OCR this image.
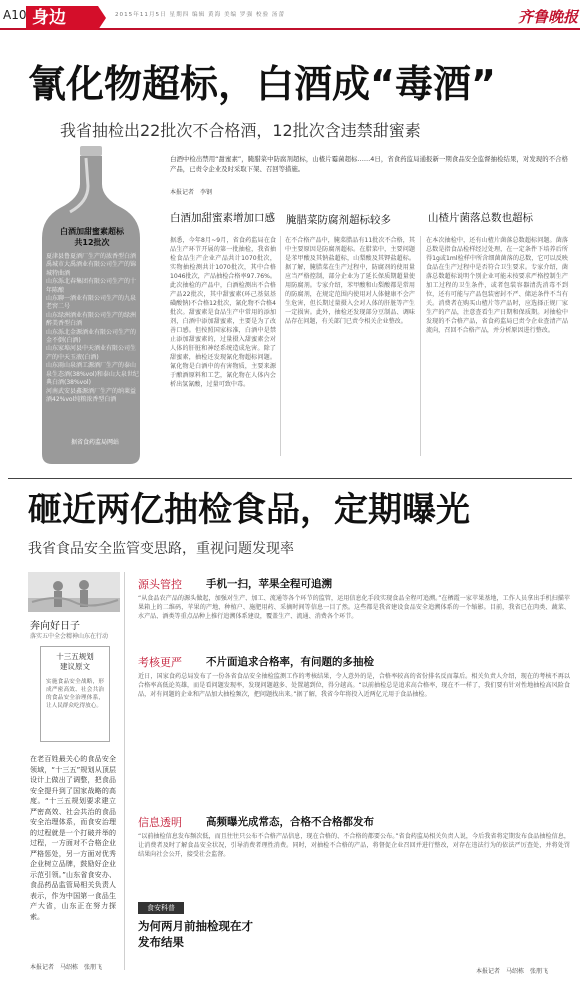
A10 身边	2015年11月5日 星期四 编辑 黄海 美编 罗强 校验 汤蕾	齐鲁晚报
氰化物超标，白酒成“毒酒”
我省抽检出22批次不合格酒，12批次含违禁甜蜜素
白酒加甜蜜素超标
共12批次
夏津县鲁夏酒厂生产的浓香型白酒
禹城市大禹酒业有限公司生产的锦城特曲酒
山东泺北春集团有限公司生产的十年陈酿
山东聊一酒业有限公司生产的九泉老窖二号
山东绿洲酒业有限公司生产的绿洲醉美香型白酒
山东泺北金源酒业有限公司生产的金不倒(白酒)
山东家埠河县中天酒业有限公司生产的中天玉液(白酒)
山东雨山泉酒工源酒厂生产的泰山泉生态酒(38%vol)和泰山大泉世纪典白酒(38%vol)
河南武安县鑫源酒厂生产的纳莱益酒42%vol纯粮浓香型白酒
据省食药监局网站
白酒中检出禁用“甜蜜素”，腌腊菜中防腐剂超标，山楂片霉菌超标……4日，省食药监局通报新一期食品安全监督抽检结果，对发现的不合格产品，已责令企业及时采取下架、召回等措施。
本报记者　李钢
白酒加甜蜜素增加口感 腌腊菜防腐剂超标较多	山楂片菌落总数也超标
据悉，今年8月~9月，省食药监局在食品生产环节开展的第一批抽检，我省抽检食品生产企业产品共计1070批次，实物抽检测共计1070批次，其中合格1046批次，产品抽检合格率97.76%。此次抽检的产品中，白酒检测出不合格产品22批次，其中甜蜜素(环己基氨基磺酸钠)不合格12批次，氰化物不合格4批次。甜蜜素是食品生产中常用的添加剂，白酒中添加甜蜜素，主要是为了改善口感。但按照国家标准，白酒中是禁止添加甜蜜素的，过量摄入甜蜜素会对人体的肝脏和神经系统造成危害。除了甜蜜素，抽检还发现氰化物超标问题。氰化物是白酒中的有害物质，主要来源于酿酒原料和工艺，氰化物在人体内会析出氢氰酸，过量可致中毒。
在不合格产品中，腌菜腊品有11批次不合格，其中主要原因是防腐剂超标。在腊菜中，主要问题是苯甲酸及其钠盐超标，山梨酸及其钾盐超标。据了解，腌腊菜在生产过程中，防腐剂的使用量应当严格控制，部分企业为了延长保质期超量使用防腐剂。专家介绍，苯甲酸和山梨酸都是常用的防腐剂，在规定范围内使用对人体健康不会产生危害，但长期过量摄入会对人体的肝脏等产生一定损害。此外，抽检还发现部分豆制品、调味品存在问题，有关部门已责令相关企业整改。
在本次抽检中，还有山楂片菌落总数超标问题。菌落总数是指食品检样经过处理，在一定条件下培养后所得1g或1ml检样中所含细菌菌落的总数，它可以反映食品在生产过程中是否符合卫生要求。专家介绍，菌落总数超标说明个别企业可能未按要求严格控制生产加工过程的卫生条件，或者包装容器清洗消毒不到位，还有可能与产品包装密封不严、储运条件不当有关。消费者在购买山楂片等产品时，应选择正规厂家生产的产品，注意查看生产日期和保质期。对抽检中发现的不合格产品，省食药监局已责令企业查清产品流向，召回不合格产品，并分析原因进行整改。
砸近两亿抽检食品，定期曝光
我省食品安全监管变思路，重视问题发现率
奔向好日子
落实五中全会精神山东在行动
十三五规划
建议原文
实施食品安全战略，形成严密高效、社会共治的食品安全治理体系，让人民群众吃得放心。
在老百姓最关心的食品安全领域，“十三五”规划从顶层设计上做出了调整，把食品安全提升到了国家战略的高度。“十三五规划要求建立严密高效、社会共治的食品安全治理体系，而食安治理的过程就是一个打破并举的过程，一方面对不合格企业严格惩处，另一方面对优秀企业树立品牌，鼓励好企业示范引领。”山东省食安办、食品药品监管局相关负责人表示，作为中国第一食品生产大省，山东正在努力探索。
本报记者　马绍栋　张朋飞
源头管控 手机一扫，苹果全程可追溯
“从食品农产品的源头做起，加强对生产、加工、流通等各个环节的监管，运用信息化手段实现食品全程可追溯。”在栖霞一家苹果基地，工作人员拿出手机扫描苹果箱上的二维码，苹果的产地、种植户、施肥用药、采摘时间等信息一目了然。这些都是我省建设食品安全追溯体系的一个缩影。目前，我省已在肉类、蔬菜、水产品、酒类等重点品种上推行追溯体系建设，覆盖生产、流通、消费各个环节。
考核更严 不片面追求合格率，有问题的多抽检
近日，国家食药总局发布了一份各省食品安全抽检监测工作的考核结果，令人意外的是，合格率较高的省份排名反而靠后。相关负责人介绍，现在的考核不再以合格率高低论英雄，而是看问题发现率，发现问题越多、处置越到位，得分越高。“以前抽检总是追求高合格率，现在不一样了，我们要有针对性地抽检高风险食品，对有问题的企业和产品加大抽检频次，把问题找出来。”据了解，我省今年将投入近两亿元用于食品抽检。
信息透明 高频曝光成常态，合格不合格都发布
“以前抽检信息发布频次低，而且往往只公布不合格产品信息，现在合格的、不合格的都要公布。”省食药监局相关负责人说，今后我省将定期发布食品抽检信息，让消费者及时了解食品安全状况，引导消费者理性消费。同时，对抽检不合格的产品，将督促企业召回并进行整改，对存在违法行为的依法严厉查处，并将处罚结果向社会公开，接受社会监督。
食安科普
为何两月前抽检现在才发布结果
本报记者　马绍栋　张朋飞
